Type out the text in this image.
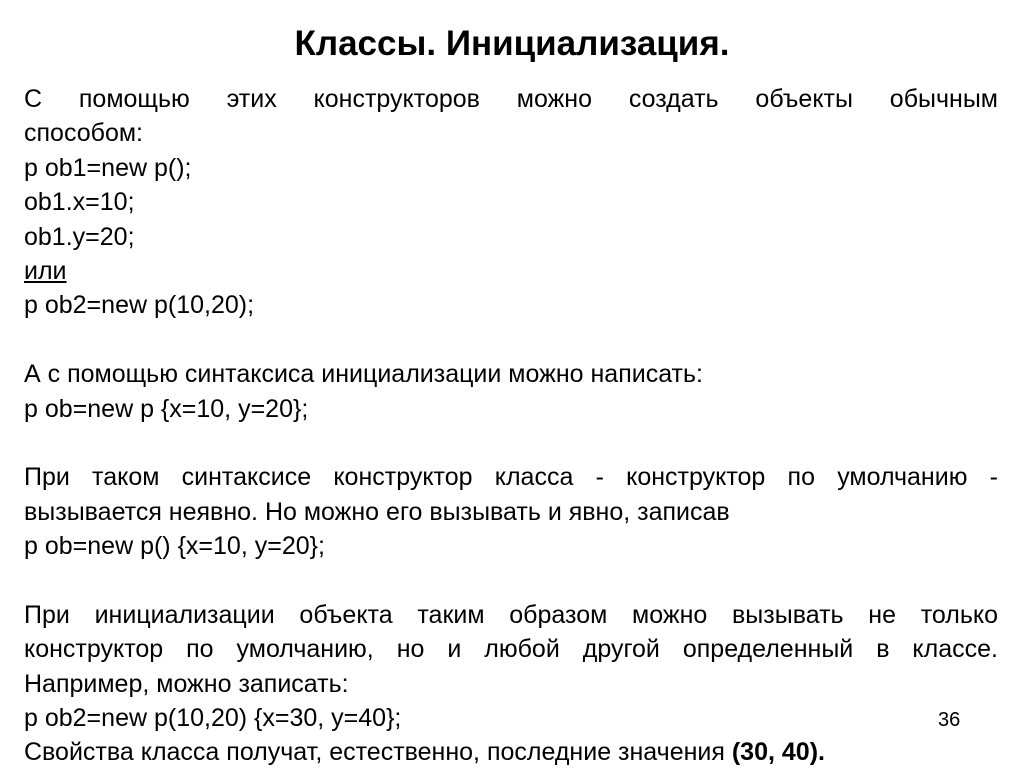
Классы. Инициализация.
С помощью этих конструкторов можно создать объекты обычным
способом:
p ob1=new p();
ob1.x=10;
ob1.y=20;
или
p ob2=new p(10,20);
А с помощью синтаксиса инициализации можно написать:
p ob=new p {x=10, y=20};
При таком синтаксисе конструктор класса - конструктор по умолчанию -
вызывается неявно. Но можно его вызывать и явно, записав
p ob=new p() {x=10, y=20};
При инициализации объекта таким образом можно вызывать не только
конструктор по умолчанию, но и любой другой определенный в классе.
Например, можно записать:
p ob2=new p(10,20) {x=30, y=40};
Свойства класса получат, естественно, последние значения (30, 40).
36
